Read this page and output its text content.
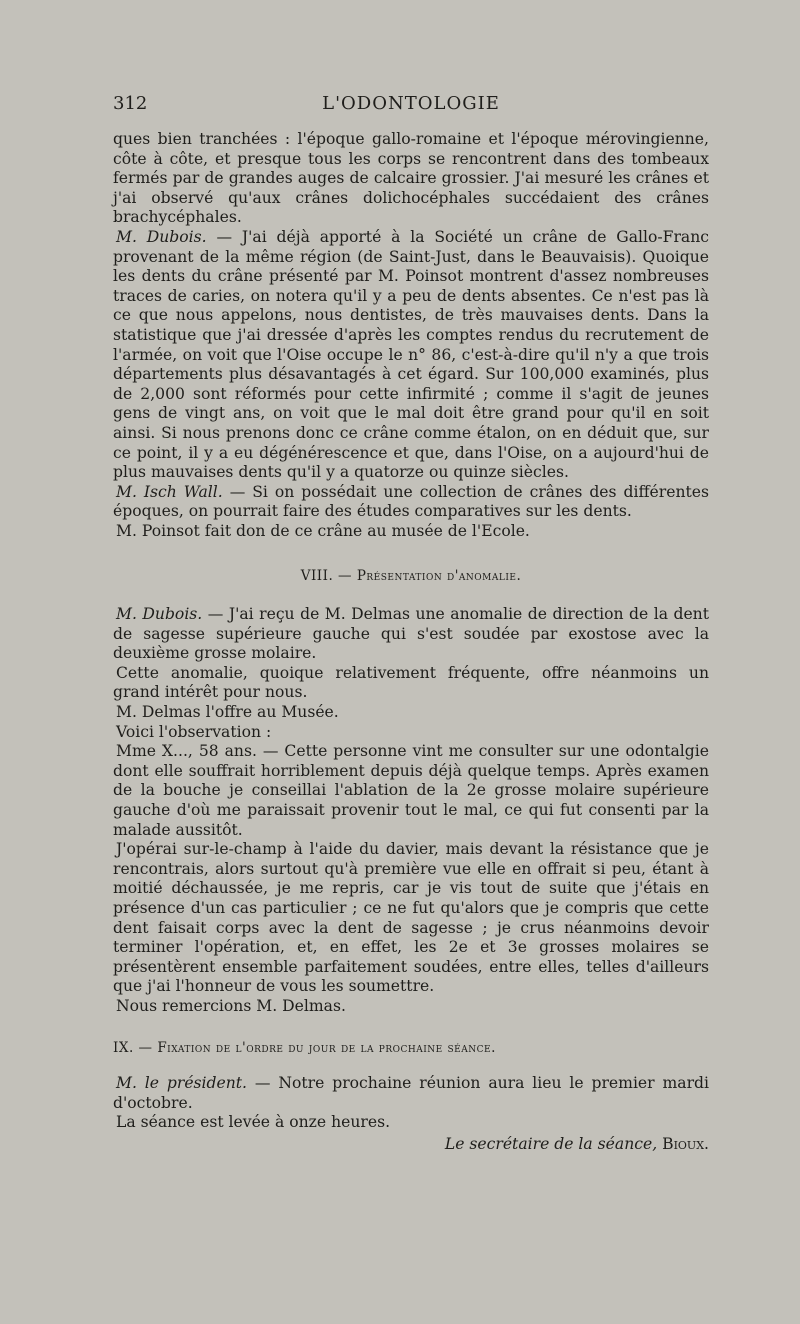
312	L'ODONTOLOGIE

ques bien tranchées : l'époque gallo-romaine et l'époque mérovingienne, côte à côte, et presque tous les corps se rencontrent dans des tombeaux fermés par de grandes auges de calcaire grossier. J'ai mesuré les crânes et j'ai observé qu'aux crânes dolichocéphales succédaient des crânes brachycéphales.

M. Dubois. — J'ai déjà apporté à la Société un crâne de Gallo-Franc provenant de la même région (de Saint-Just, dans le Beauvaisis). Quoique les dents du crâne présenté par M. Poinsot montrent d'assez nombreuses traces de caries, on notera qu'il y a peu de dents absentes. Ce n'est pas là ce que nous appelons, nous dentistes, de très mauvaises dents. Dans la statistique que j'ai dressée d'après les comptes rendus du recrutement de l'armée, on voit que l'Oise occupe le n° 86, c'est-à-dire qu'il n'y a que trois départements plus désavantagés à cet égard. Sur 100,000 examinés, plus de 2,000 sont réformés pour cette infirmité ; comme il s'agit de jeunes gens de vingt ans, on voit que le mal doit être grand pour qu'il en soit ainsi. Si nous prenons donc ce crâne comme étalon, on en déduit que, sur ce point, il y a eu dégénérescence et que, dans l'Oise, on a aujourd'hui de plus mauvaises dents qu'il y a quatorze ou quinze siècles.

M. Isch Wall. — Si on possédait une collection de crânes des différentes époques, on pourrait faire des études comparatives sur les dents.

M. Poinsot fait don de ce crâne au musée de l'Ecole.

VIII. — Présentation d'anomalie.

M. Dubois. — J'ai reçu de M. Delmas une anomalie de direction de la dent de sagesse supérieure gauche qui s'est soudée par exostose avec la deuxième grosse molaire.

Cette anomalie, quoique relativement fréquente, offre néanmoins un grand intérêt pour nous.

M. Delmas l'offre au Musée.

Voici l'observation :

Mme X..., 58 ans. — Cette personne vint me consulter sur une odontalgie dont elle souffrait horriblement depuis déjà quelque temps. Après examen de la bouche je conseillai l'ablation de la 2e grosse molaire supérieure gauche d'où me paraissait provenir tout le mal, ce qui fut consenti par la malade aussitôt.

J'opérai sur-le-champ à l'aide du davier, mais devant la résistance que je rencontrais, alors surtout qu'à première vue elle en offrait si peu, étant à moitié déchaussée, je me repris, car je vis tout de suite que j'étais en présence d'un cas particulier ; ce ne fut qu'alors que je compris que cette dent faisait corps avec la dent de sagesse ; je crus néanmoins devoir terminer l'opération, et, en effet, les 2e et 3e grosses molaires se présentèrent ensemble parfaitement soudées, entre elles, telles d'ailleurs que j'ai l'honneur de vous les soumettre.

Nous remercions M. Delmas.

IX. — Fixation de l'ordre du jour de la prochaine séance.

M. le président. — Notre prochaine réunion aura lieu le premier mardi d'octobre.

La séance est levée à onze heures.

Le secrétaire de la séance, Bioux.
